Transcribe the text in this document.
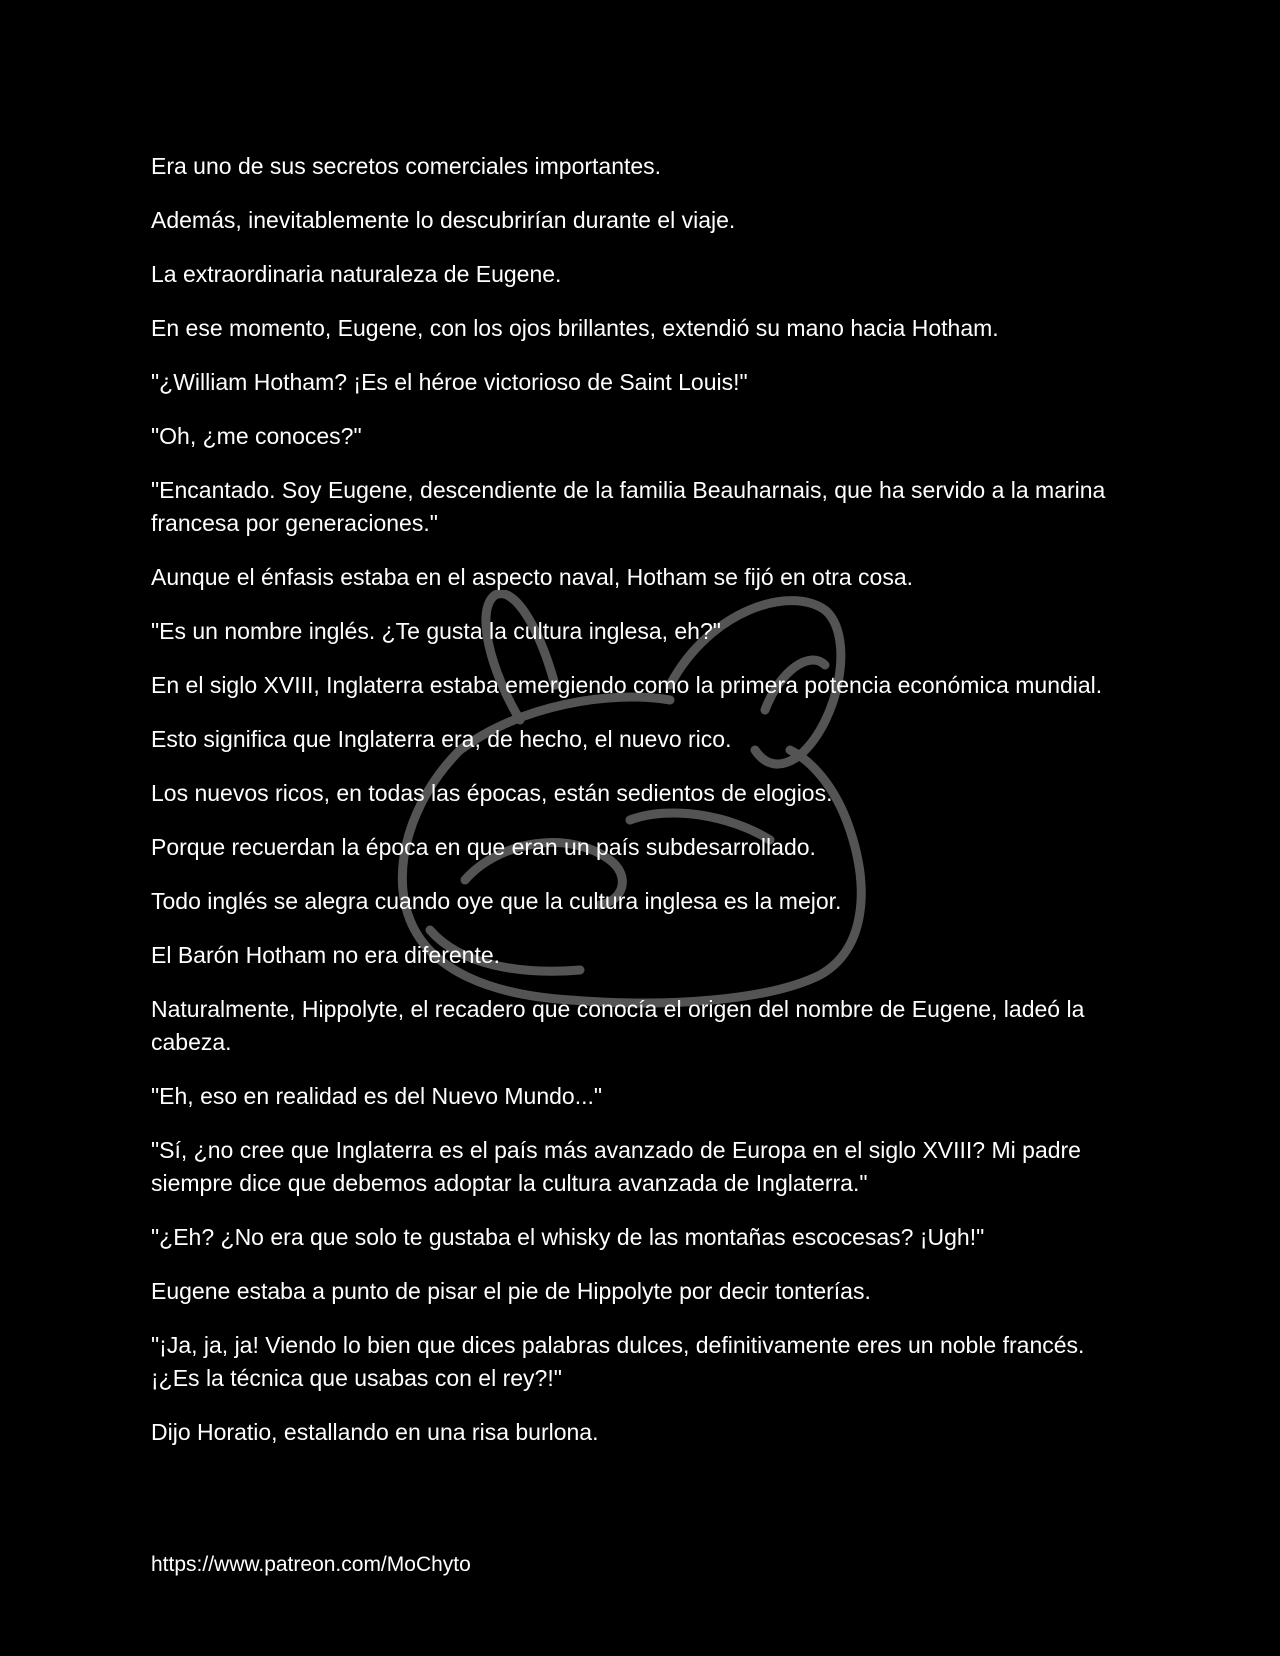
Era uno de sus secretos comerciales importantes.

Además, inevitablemente lo descubrirían durante el viaje.

La extraordinaria naturaleza de Eugene.

En ese momento, Eugene, con los ojos brillantes, extendió su mano hacia Hotham.

"¿William Hotham? ¡Es el héroe victorioso de Saint Louis!"

"Oh, ¿me conoces?"

"Encantado. Soy Eugene, descendiente de la familia Beauharnais, que ha servido a la marina francesa por generaciones."

Aunque el énfasis estaba en el aspecto naval, Hotham se fijó en otra cosa.

"Es un nombre inglés. ¿Te gusta la cultura inglesa, eh?"

En el siglo XVIII, Inglaterra estaba emergiendo como la primera potencia económica mundial.

Esto significa que Inglaterra era, de hecho, el nuevo rico.

Los nuevos ricos, en todas las épocas, están sedientos de elogios.

Porque recuerdan la época en que eran un país subdesarrollado.

Todo inglés se alegra cuando oye que la cultura inglesa es la mejor.

El Barón Hotham no era diferente.

Naturalmente, Hippolyte, el recadero que conocía el origen del nombre de Eugene, ladeó la cabeza.

"Eh, eso en realidad es del Nuevo Mundo..."

"Sí, ¿no cree que Inglaterra es el país más avanzado de Europa en el siglo XVIII? Mi padre siempre dice que debemos adoptar la cultura avanzada de Inglaterra."

"¿Eh? ¿No era que solo te gustaba el whisky de las montañas escocesas? ¡Ugh!"

Eugene estaba a punto de pisar el pie de Hippolyte por decir tonterías.

"¡Ja, ja, ja! Viendo lo bien que dices palabras dulces, definitivamente eres un noble francés. ¡¿Es la técnica que usabas con el rey?!"

Dijo Horatio, estallando en una risa burlona.

https://www.patreon.com/MoChyto
